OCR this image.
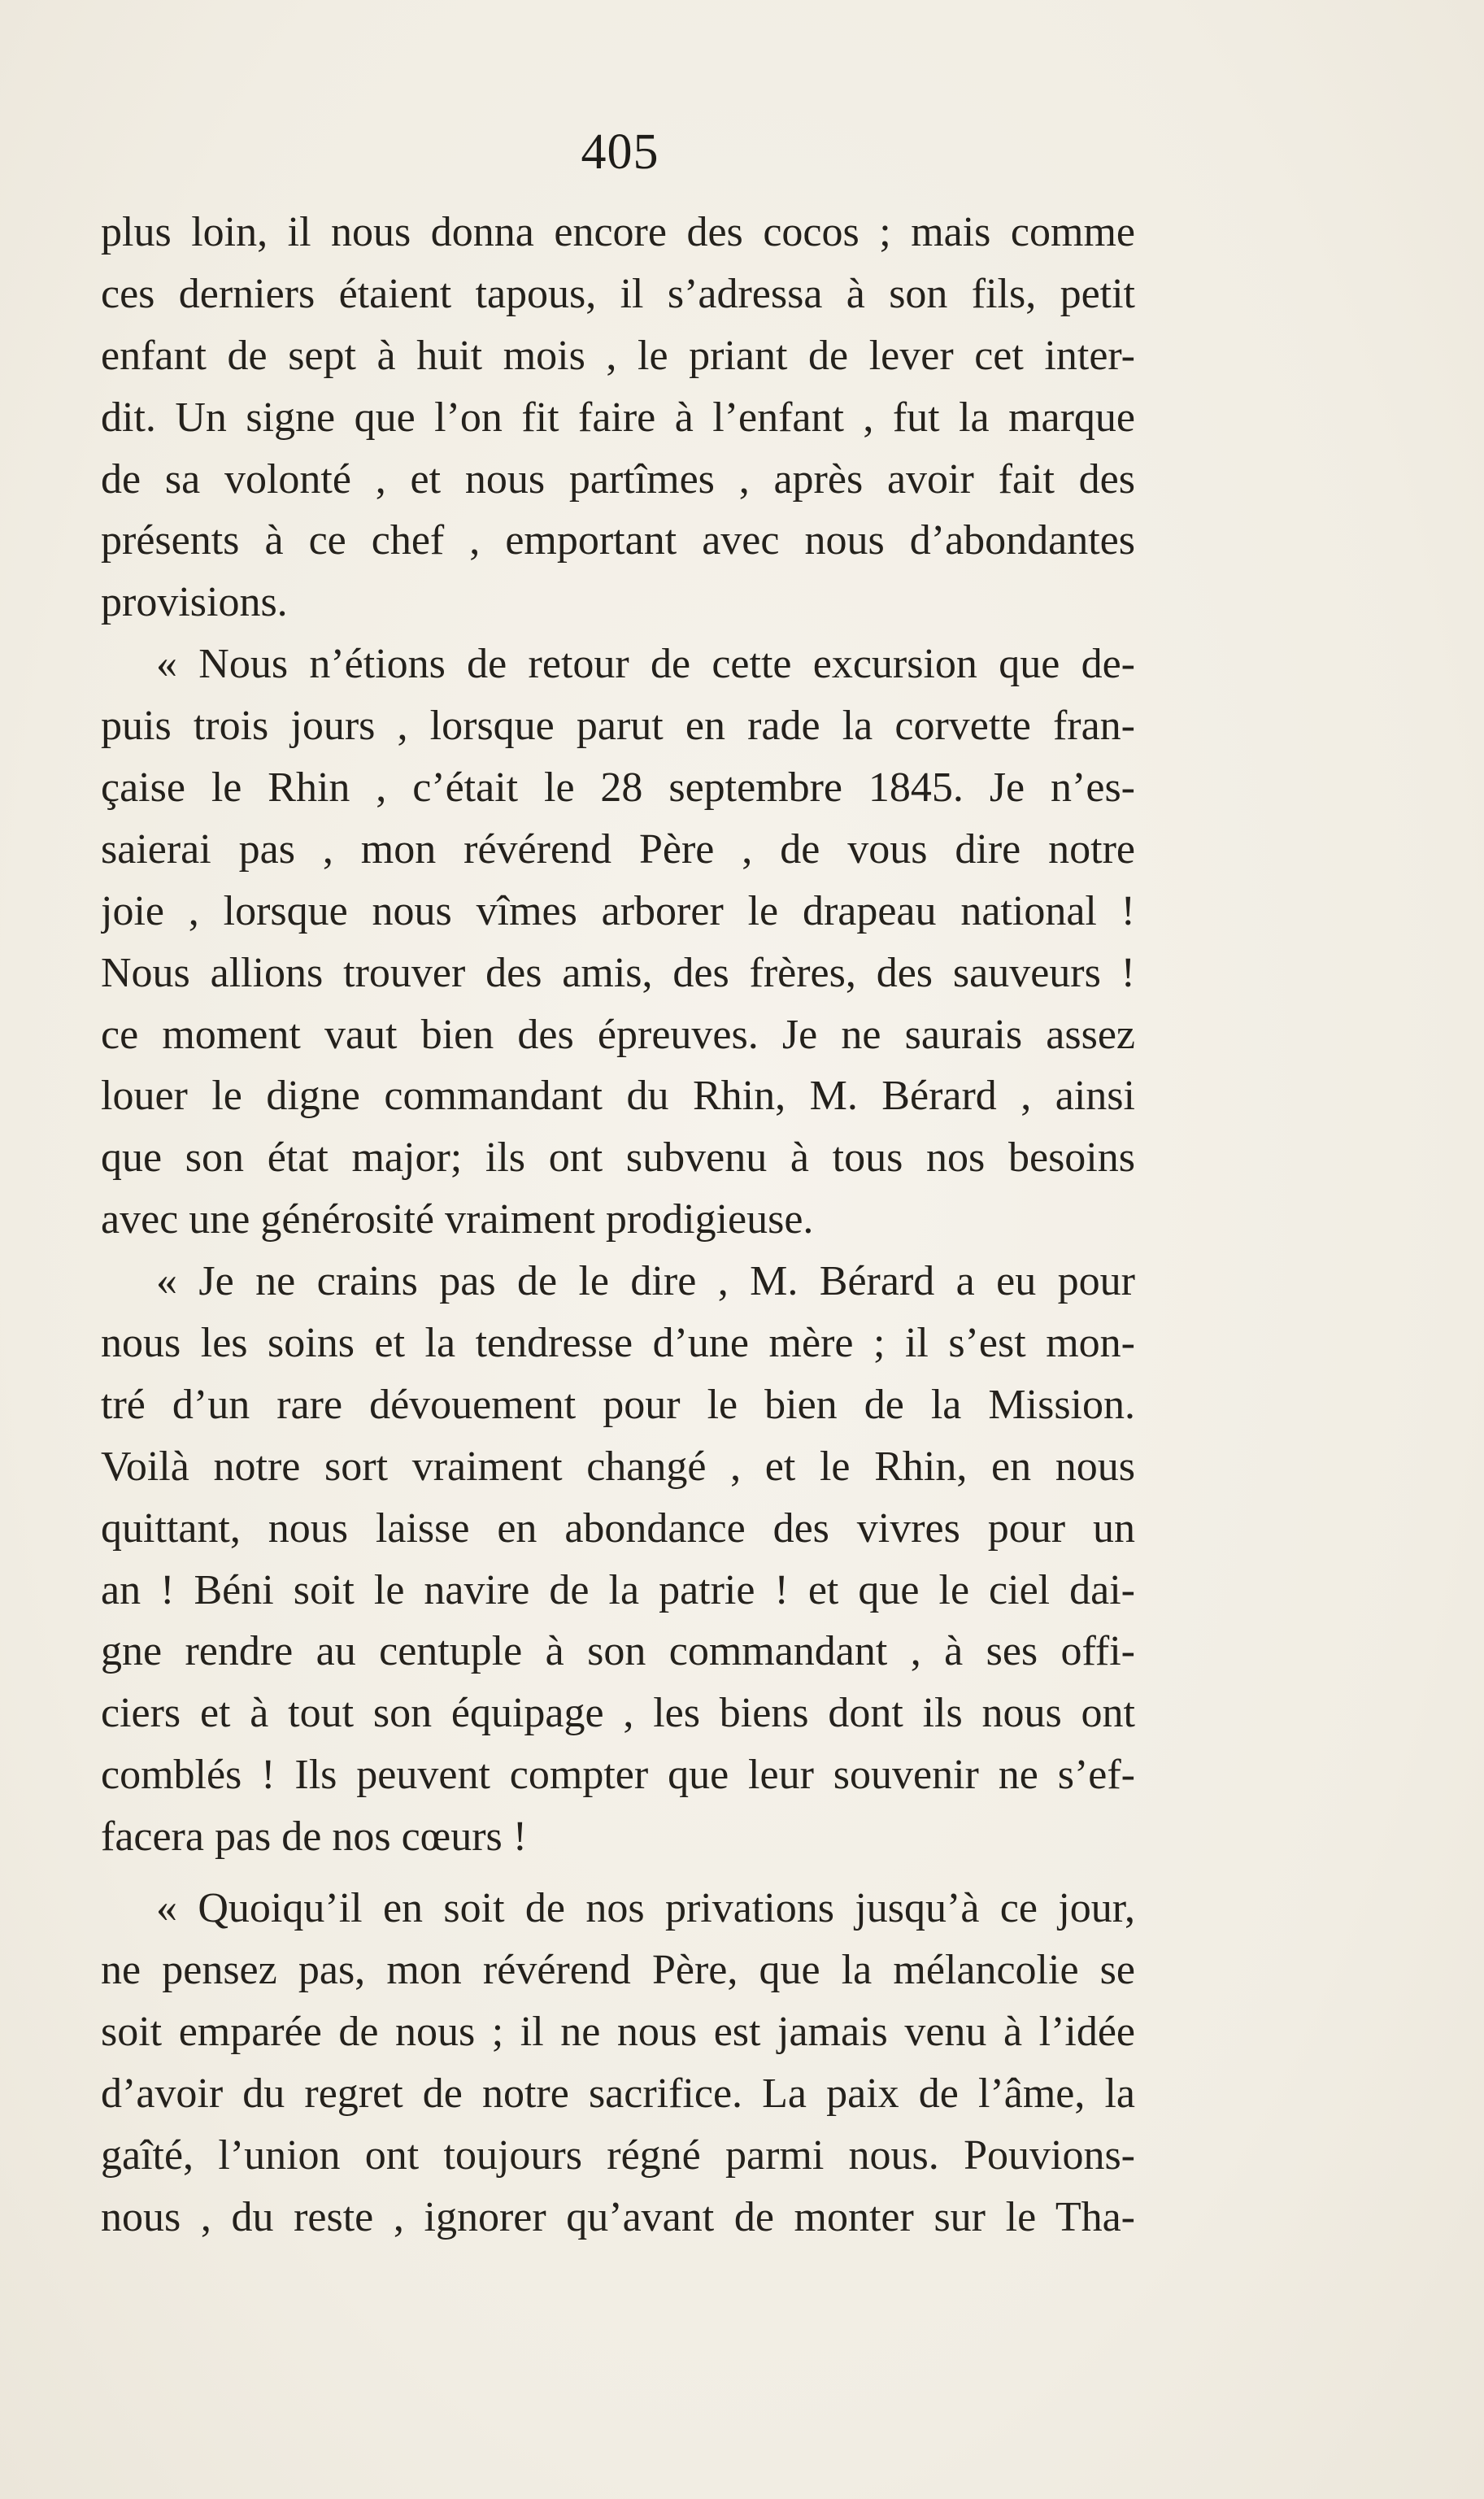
405
plus loin, il nous donna encore des cocos ; mais comme
ces derniers étaient tapous, il s’adressa à son fils, petit
enfant de sept à huit mois , le priant de lever cet inter-
dit. Un signe que l’on fit faire à l’enfant , fut la marque
de sa volonté , et nous partîmes , après avoir fait des
présents à ce chef , emportant avec nous d’abondantes
provisions.
« Nous n’étions de retour de cette excursion que de-
puis trois jours , lorsque parut en rade la corvette fran-
çaise le Rhin , c’était le 28 septembre 1845. Je n’es-
saierai pas , mon révérend Père , de vous dire notre
joie , lorsque nous vîmes arborer le drapeau national !
Nous allions trouver des amis, des frères, des sauveurs !
ce moment vaut bien des épreuves. Je ne saurais assez
louer le digne commandant du Rhin, M. Bérard , ainsi
que son état major; ils ont subvenu à tous nos besoins
avec une générosité vraiment prodigieuse.
« Je ne crains pas de le dire , M. Bérard a eu pour
nous les soins et la tendresse d’une mère ; il s’est mon-
tré d’un rare dévouement pour le bien de la Mission.
Voilà notre sort vraiment changé , et le Rhin, en nous
quittant, nous laisse en abondance des vivres pour un
an ! Béni soit le navire de la patrie ! et que le ciel dai-
gne rendre au centuple à son commandant , à ses offi-
ciers et à tout son équipage , les biens dont ils nous ont
comblés ! Ils peuvent compter que leur souvenir ne s’ef-
facera pas de nos cœurs !
« Quoiqu’il en soit de nos privations jusqu’à ce jour,
ne pensez pas, mon révérend Père, que la mélancolie se
soit emparée de nous ; il ne nous est jamais venu à l’idée
d’avoir du regret de notre sacrifice. La paix de l’âme, la
gaîté, l’union ont toujours régné parmi nous. Pouvions-
nous , du reste , ignorer qu’avant de monter sur le Tha-
